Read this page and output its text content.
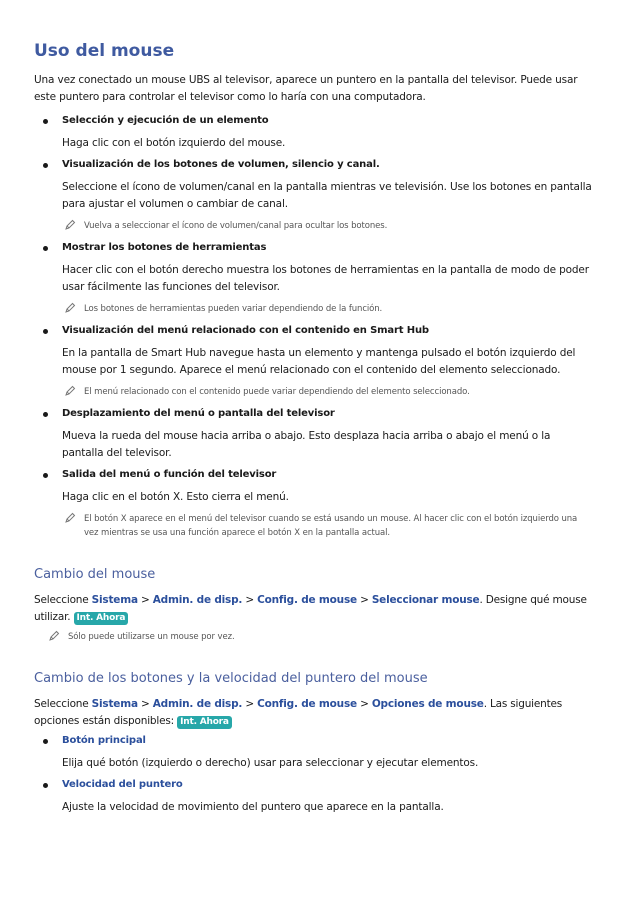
Uso del mouse

Una vez conectado un mouse UBS al televisor, aparece un puntero en la pantalla del televisor. Puede usar este puntero para controlar el televisor como lo haría con una computadora.

Selección y ejecución de un elemento
Haga clic con el botón izquierdo del mouse.
Visualización de los botones de volumen, silencio y canal.
Seleccione el ícono de volumen/canal en la pantalla mientras ve televisión. Use los botones en pantalla para ajustar el volumen o cambiar de canal.
Vuelva a seleccionar el ícono de volumen/canal para ocultar los botones.
Mostrar los botones de herramientas
Hacer clic con el botón derecho muestra los botones de herramientas en la pantalla de modo de poder usar fácilmente las funciones del televisor.
Los botones de herramientas pueden variar dependiendo de la función.
Visualización del menú relacionado con el contenido en Smart Hub
En la pantalla de Smart Hub navegue hasta un elemento y mantenga pulsado el botón izquierdo del mouse por 1 segundo. Aparece el menú relacionado con el contenido del elemento seleccionado.
El menú relacionado con el contenido puede variar dependiendo del elemento seleccionado.
Desplazamiento del menú o pantalla del televisor
Mueva la rueda del mouse hacia arriba o abajo. Esto desplaza hacia arriba o abajo el menú o la pantalla del televisor.
Salida del menú o función del televisor
Haga clic en el botón X. Esto cierra el menú.
El botón X aparece en el menú del televisor cuando se está usando un mouse. Al hacer clic con el botón izquierdo una vez mientras se usa una función aparece el botón X en la pantalla actual.
Cambio del mouse

Seleccione Sistema > Admin. de disp. > Config. de mouse > Seleccionar mouse. Designe qué mouse utilizar. Int. Ahora

Sólo puede utilizarse un mouse por vez.
Cambio de los botones y la velocidad del puntero del mouse

Seleccione Sistema > Admin. de disp. > Config. de mouse > Opciones de mouse. Las siguientes opciones están disponibles: Int. Ahora

Botón principal
Elija qué botón (izquierdo o derecho) usar para seleccionar y ejecutar elementos.
Velocidad del puntero
Ajuste la velocidad de movimiento del puntero que aparece en la pantalla.
